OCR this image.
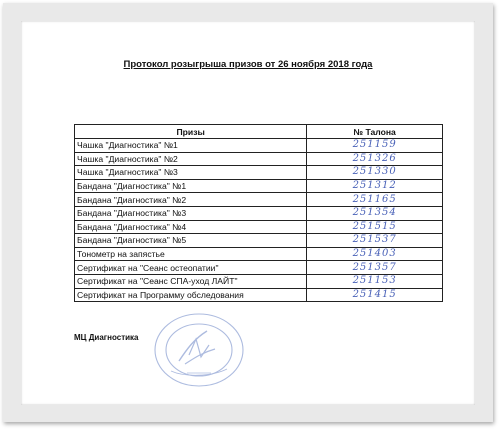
Протокол розыгрыша призов от 26 ноября 2018 года
Призы	№ Талона
Чашка "Диагностика" №1	251159
Чашка "Диагностика" №2	251326
Чашка "Диагностика" №3	251330
Бандана "Диагностика" №1	251312
Бандана "Диагностика" №2	251165
Бандана "Диагностика" №3	251354
Бандана "Диагностика" №4	251515
Бандана "Диагностика" №5	251537
Тонометр на запястье	251403
Сертификат на "Сеанс остеопатии"	251357
Сертификат на "Сеанс СПА-уход ЛАЙТ"	251153
Сертификат на Программу обследования	251415
МЦ Диагностика
